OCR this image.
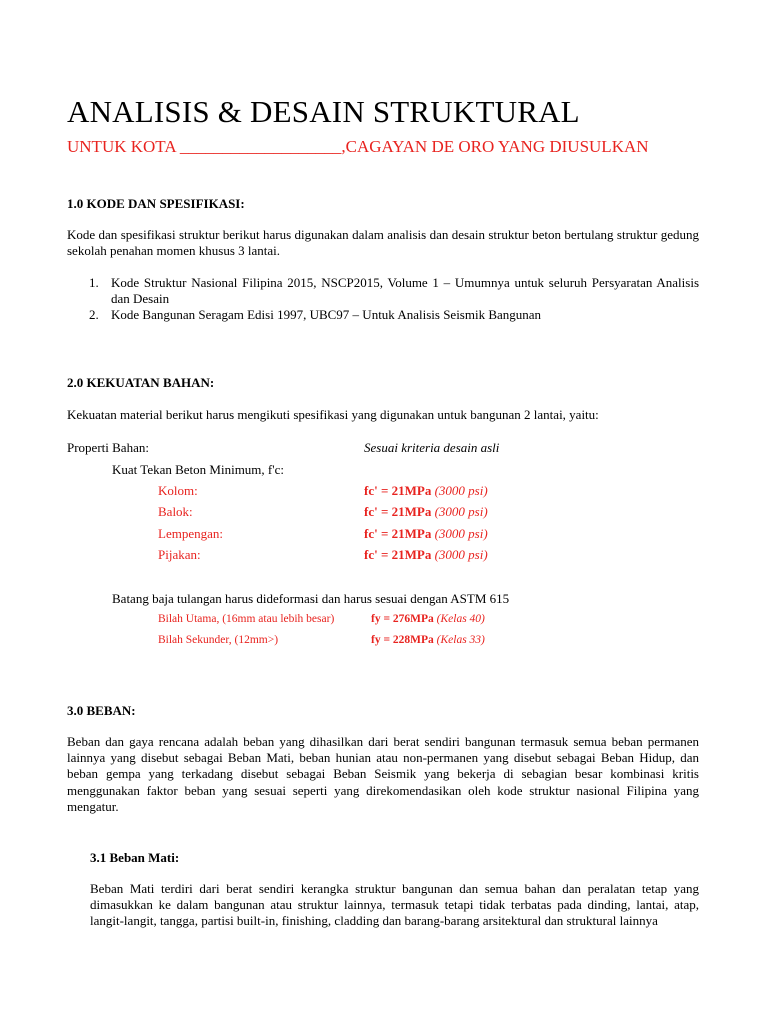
ANALISIS & DESAIN STRUKTURAL
UNTUK KOTA ___________________,CAGAYAN DE ORO YANG DIUSULKAN
1.0 KODE DAN SPESIFIKASI:
Kode dan spesifikasi struktur berikut harus digunakan dalam analisis dan desain struktur beton bertulang struktur gedung sekolah penahan momen khusus 3 lantai.
1. Kode Struktur Nasional Filipina 2015, NSCP2015, Volume 1 – Umumnya untuk seluruh Persyaratan Analisis dan Desain
2. Kode Bangunan Seragam Edisi 1997, UBC97 – Untuk Analisis Seismik Bangunan
2.0 KEKUATAN BAHAN:
Kekuatan material berikut harus mengikuti spesifikasi yang digunakan untuk bangunan 2 lantai, yaitu:
Properti Bahan:	Sesuai kriteria desain asli
Kuat Tekan Beton Minimum, f'c:
Kolom:	fc' = 21MPa (3000 psi)
Balok:	fc' = 21MPa (3000 psi)
Lempengan:	fc' = 21MPa (3000 psi)
Pijakan:	fc' = 21MPa (3000 psi)
Batang baja tulangan harus dideformasi dan harus sesuai dengan ASTM 615
Bilah Utama, (16mm atau lebih besar)	fy = 276MPa (Kelas 40)
Bilah Sekunder, (12mm>)	fy = 228MPa (Kelas 33)
3.0 BEBAN:
Beban dan gaya rencana adalah beban yang dihasilkan dari berat sendiri bangunan termasuk semua beban permanen lainnya yang disebut sebagai Beban Mati, beban hunian atau non-permanen yang disebut sebagai Beban Hidup, dan beban gempa yang terkadang disebut sebagai Beban Seismik yang bekerja di sebagian besar kombinasi kritis menggunakan faktor beban yang sesuai seperti yang direkomendasikan oleh kode struktur nasional Filipina yang mengatur.
3.1 Beban Mati:
Beban Mati terdiri dari berat sendiri kerangka struktur bangunan dan semua bahan dan peralatan tetap yang dimasukkan ke dalam bangunan atau struktur lainnya, termasuk tetapi tidak terbatas pada dinding, lantai, atap, langit-langit, tangga, partisi built-in, finishing, cladding dan barang-barang arsitektural dan struktural lainnya
